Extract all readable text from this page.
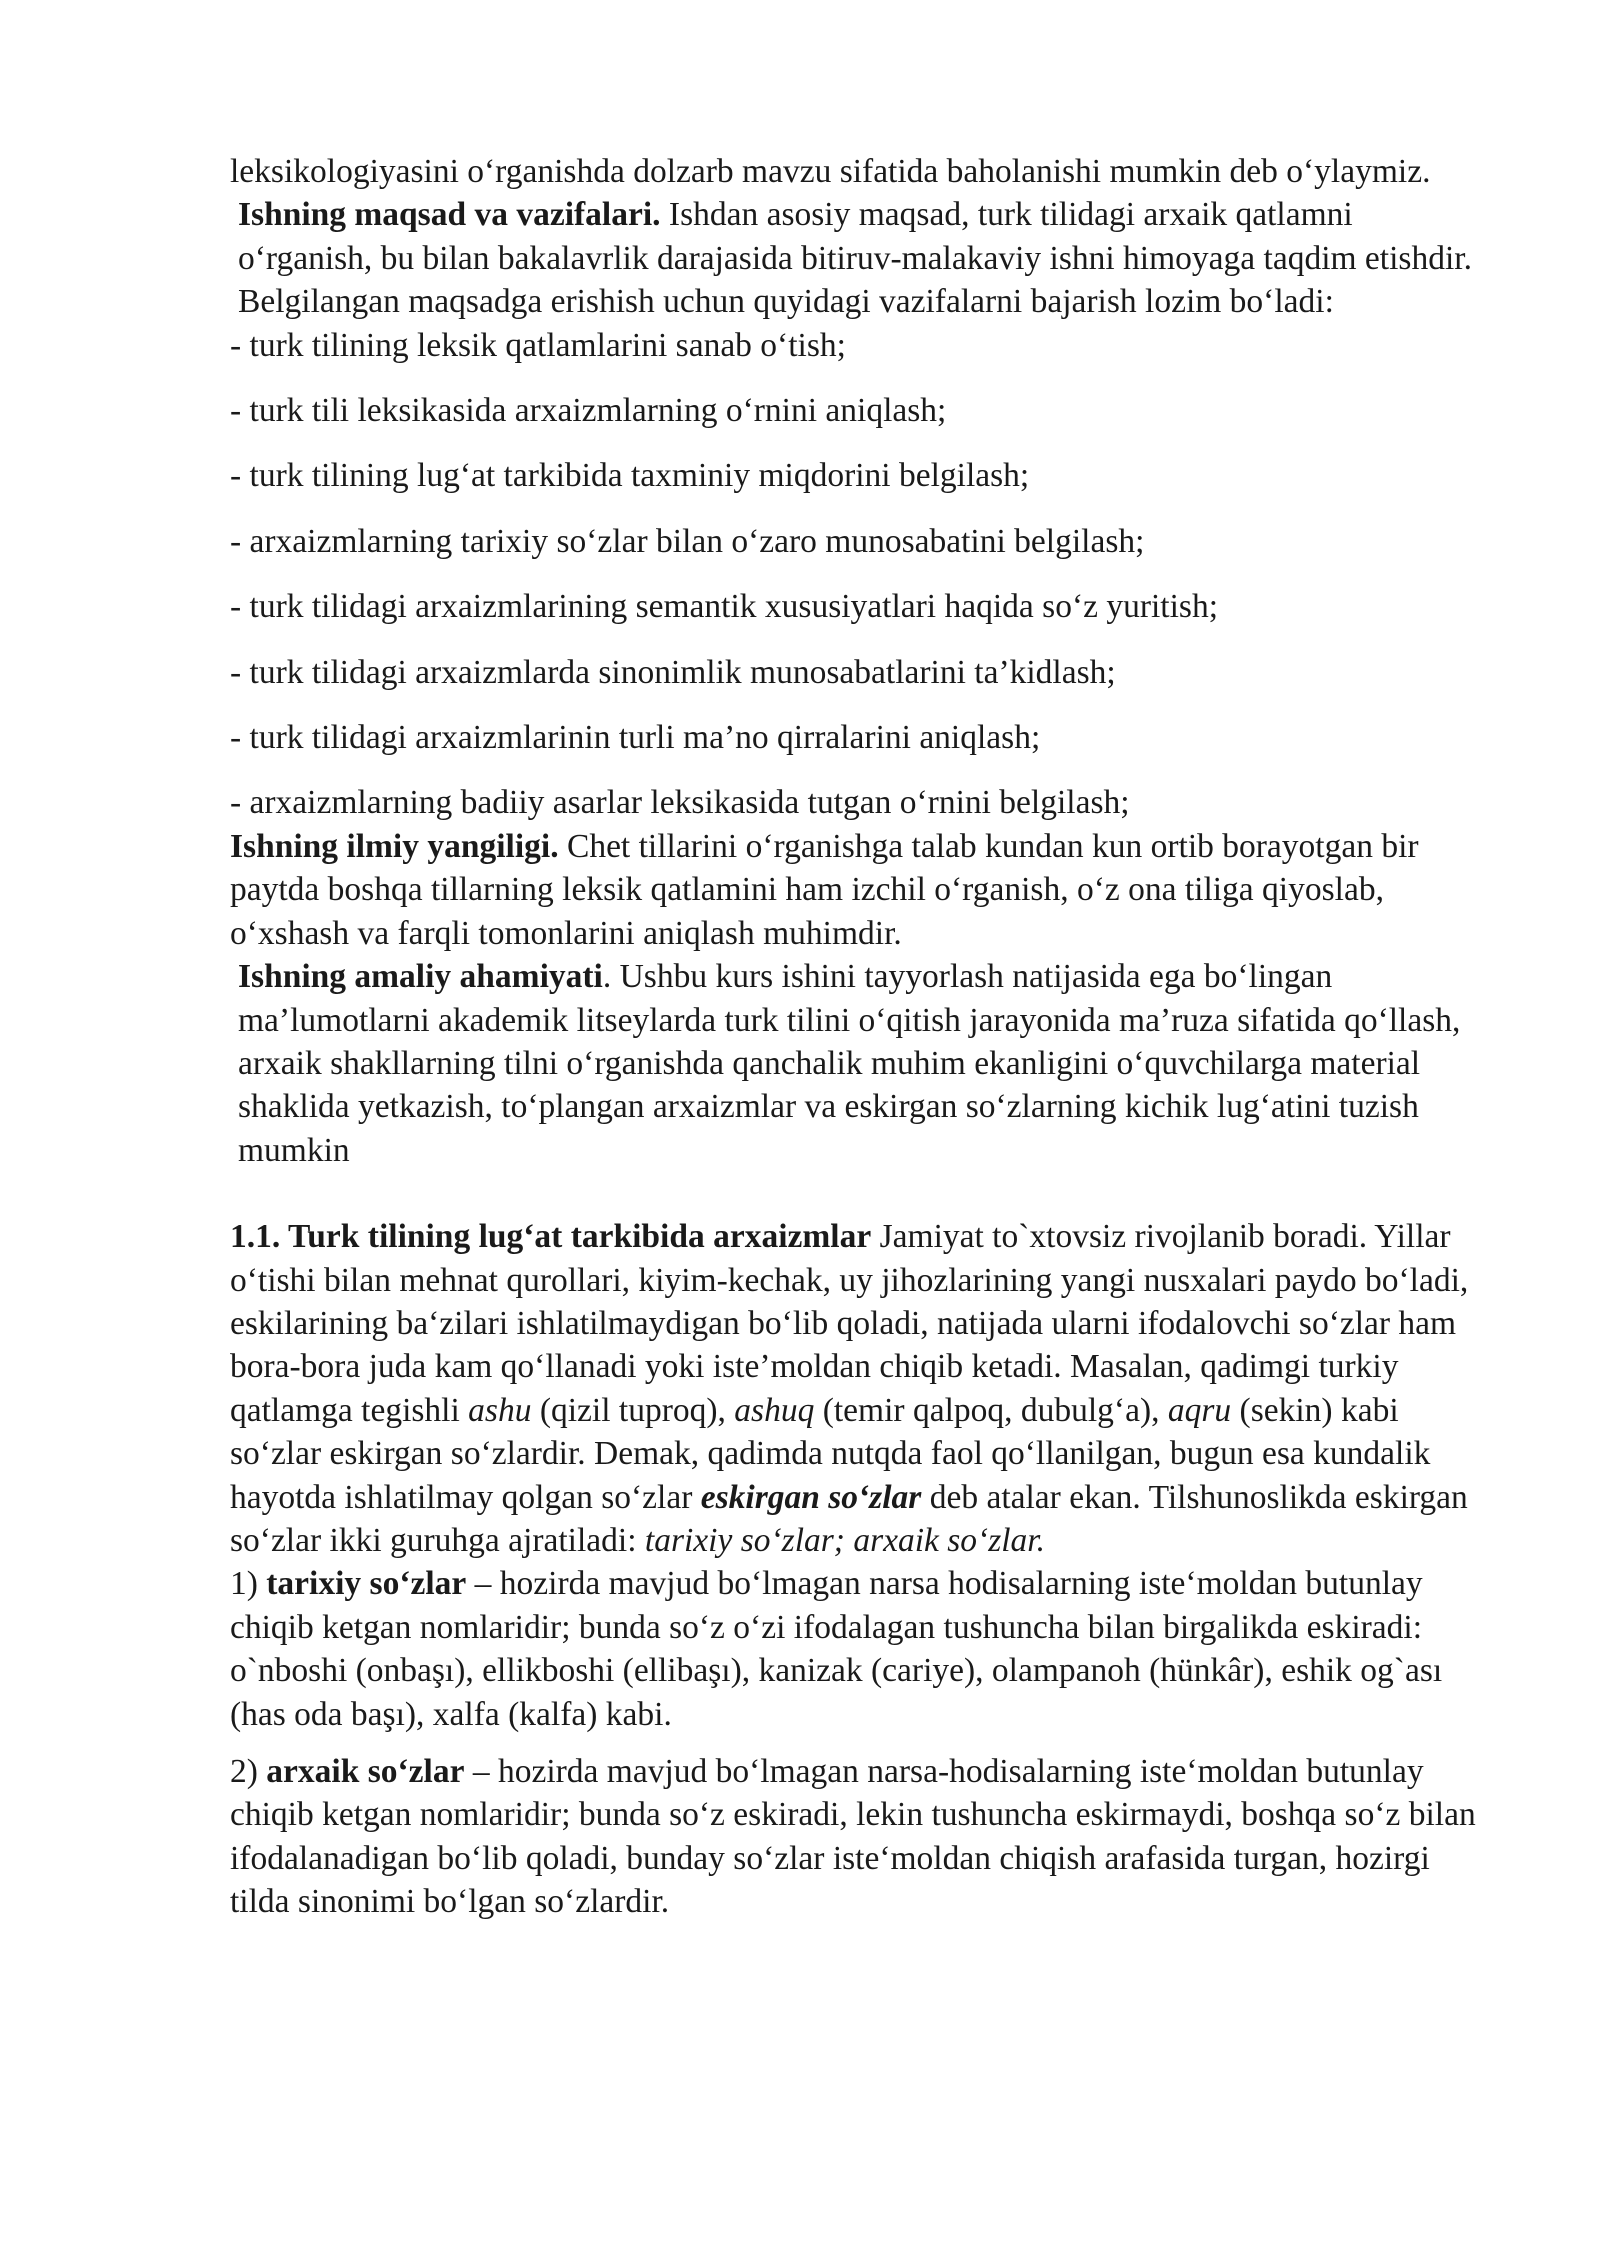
leksikologiyasini o‘rganishda dolzarb mavzu sifatida baholanishi mumkin deb o‘ylaymiz.

Ishning maqsad va vazifalari. Ishdan asosiy maqsad, turk tilidagi arxaik qatlamni o‘rganish, bu bilan bakalavrlik darajasida bitiruv-malakaviy ishni himoyaga taqdim etishdir. Belgilangan maqsadga erishish uchun quyidagi vazifalarni bajarish lozim bo‘ladi:

- turk tilining leksik qatlamlarini sanab o‘tish;

- turk tili leksikasida arxaizmlarning o‘rnini aniqlash;

- turk tilining lug‘at tarkibida taxminiy miqdorini belgilash;

- arxaizmlarning tarixiy so‘zlar bilan o‘zaro munosabatini belgilash;

- turk tilidagi arxaizmlarining semantik xususiyatlari haqida so‘z yuritish;

- turk tilidagi arxaizmlarda sinonimlik munosabatlarini ta’kidlash;

- turk tilidagi arxaizmlarinin turli ma’no qirralarini aniqlash;

- arxaizmlarning badiiy asarlar leksikasida tutgan o‘rnini belgilash;

Ishning ilmiy yangiligi. Chet tillarini o‘rganishga talab kundan kun ortib borayotgan bir paytda boshqa tillarning leksik qatlamini ham izchil o‘rganish, o‘z ona tiliga qiyoslab, o‘xshash va farqli tomonlarini aniqlash muhimdir.

Ishning amaliy ahamiyati. Ushbu kurs ishini tayyorlash natijasida ega bo‘lingan ma’lumotlarni akademik litseylarda turk tilini o‘qitish jarayonida ma’ruza sifatida qo‘llash, arxaik shakllarning tilni o‘rganishda qanchalik muhim ekanligini o‘quvchilarga material shaklida yetkazish, to‘plangan arxaizmlar va eskirgan so‘zlarning kichik lug‘atini tuzish mumkin

1.1. Turk tilining lug‘at tarkibida arxaizmlar Jamiyat to`xtovsiz rivojlanib boradi. Yillar o‘tishi bilan mehnat qurollari, kiyim-kechak, uy jihozlarining yangi nusxalari paydo bo‘ladi, eskilarining ba‘zilari ishlatilmaydigan bo‘lib qoladi, natijada ularni ifodalovchi so‘zlar ham bora-bora juda kam qo‘llanadi yoki iste’moldan chiqib ketadi. Masalan, qadimgi turkiy qatlamga tegishli ashu (qizil tuproq), ashuq (temir qalpoq, dubulg‘a), aqru (sekin) kabi so‘zlar eskirgan so‘zlardir. Demak, qadimda nutqda faol qo‘llanilgan, bugun esa kundalik hayotda ishlatilmay qolgan so‘zlar eskirgan so‘zlar deb atalar ekan. Tilshunoslikda eskirgan so‘zlar ikki guruhga ajratiladi: tarixiy so‘zlar; arxaik so‘zlar.

1) tarixiy so‘zlar – hozirda mavjud bo‘lmagan narsa hodisalarning iste‘moldan butunlay chiqib ketgan nomlaridir; bunda so‘z o‘zi ifodalagan tushuncha bilan birgalikda eskiradi: o`nboshi (onbaşı), ellikboshi (ellibaşı), kanizak (cariye), olampanoh (hünkâr), eshik og`ası (has oda başı), xalfa (kalfa) kabi.

2) arxaik so‘zlar – hozirda mavjud bo‘lmagan narsa-hodisalarning iste‘moldan butunlay chiqib ketgan nomlaridir; bunda so‘z eskiradi, lekin tushuncha eskirmaydi, boshqa so‘z bilan ifodalanadigan bo‘lib qoladi, bunday so‘zlar iste‘moldan chiqish arafasida turgan, hozirgi tilda sinonimi bo‘lgan so‘zlardir.
